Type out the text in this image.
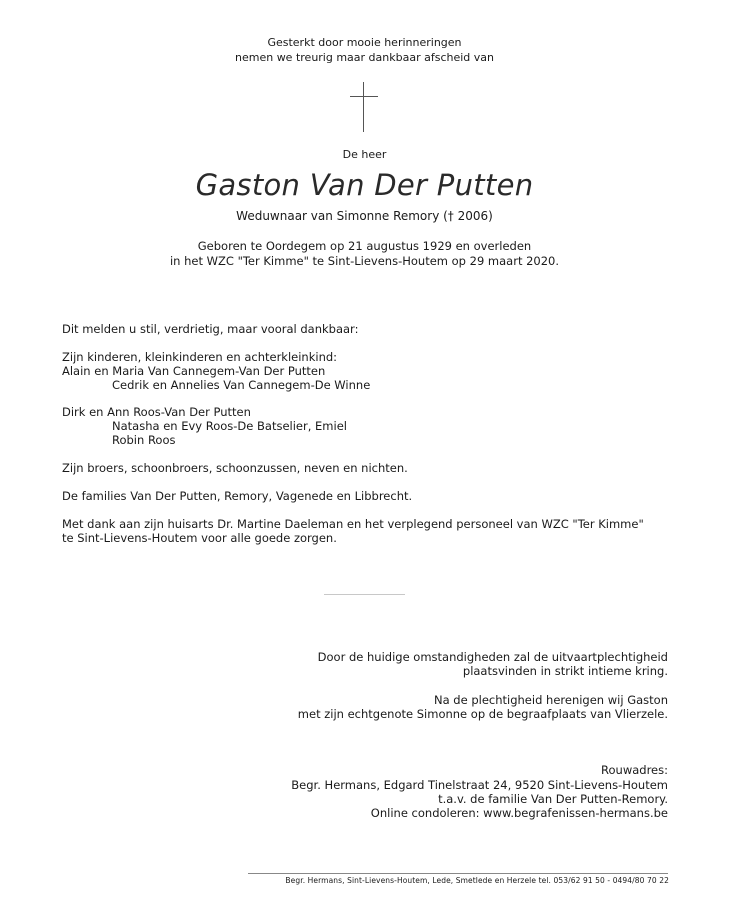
Gesterkt door mooie herinneringen
nemen we treurig maar dankbaar afscheid van
De heer
Gaston Van Der Putten
Weduwnaar van Simonne Remory († 2006)
Geboren te Oordegem op 21 augustus 1929 en overleden
in het WZC "Ter Kimme" te Sint-Lievens-Houtem op 29 maart 2020.
Dit melden u stil, verdrietig, maar vooral dankbaar:
Zijn kinderen, kleinkinderen en achterkleinkind:
Alain en Maria Van Cannegem-Van Der Putten
Cedrik en Annelies Van Cannegem-De Winne
Dirk en Ann Roos-Van Der Putten
Natasha en Evy Roos-De Batselier, Emiel
Robin Roos
Zijn broers, schoonbroers, schoonzussen, neven en nichten.
De families Van Der Putten, Remory, Vagenede en Libbrecht.
Met dank aan zijn huisarts Dr. Martine Daeleman en het verplegend personeel van WZC "Ter Kimme"
te Sint-Lievens-Houtem voor alle goede zorgen.
Door de huidige omstandigheden zal de uitvaartplechtigheid
plaatsvinden in strikt intieme kring.
Na de plechtigheid herenigen wij Gaston
met zijn echtgenote Simonne op de begraafplaats van Vlierzele.
Rouwadres:
Begr. Hermans, Edgard Tinelstraat 24, 9520 Sint-Lievens-Houtem
t.a.v. de familie Van Der Putten-Remory.
Online condoleren: www.begrafenissen-hermans.be
Begr. Hermans, Sint-Lievens-Houtem, Lede, Smetlede en Herzele tel. 053/62 91 50 - 0494/80 70 22
